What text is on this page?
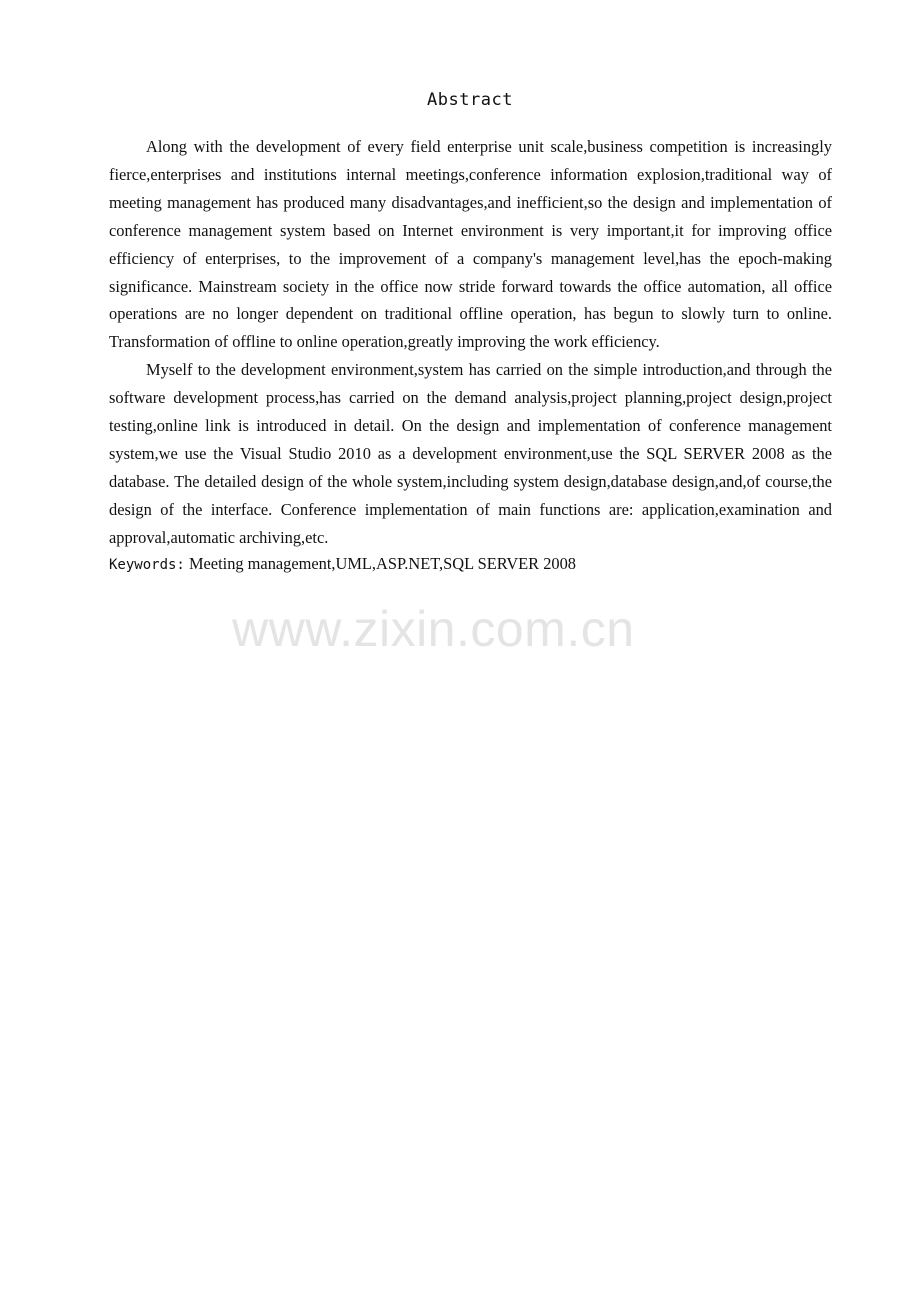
Abstract

Along with the development of every field enterprise unit scale,business competition is increasingly fierce,enterprises and institutions internal meetings,conference information explosion,traditional way of meeting management has produced many disadvantages,and inefficient,so the design and implementation of conference management system based on Internet environment is very important,it for improving office efficiency of enterprises, to the improvement of a company's management level,has the epoch-making significance. Mainstream society in the office now stride forward towards the office automation, all office operations are no longer dependent on traditional offline operation, has begun to slowly turn to online. Transformation of offline to online operation,greatly improving the work efficiency.

Myself to the development environment,system has carried on the simple introduction,and through the software development process,has carried on the demand analysis,project planning,project design,project testing,online link is introduced in detail. On the design and implementation of conference management system,we use the Visual Studio 2010 as a development environment,use the SQL SERVER 2008 as the database. The detailed design of the whole system,including system design,database design,and,of course,the design of the interface. Conference implementation of main functions are: application,examination and approval,automatic archiving,etc.

Keywords: Meeting management,UML,ASP.NET,SQL SERVER 2008

www.zixin.com.cn
